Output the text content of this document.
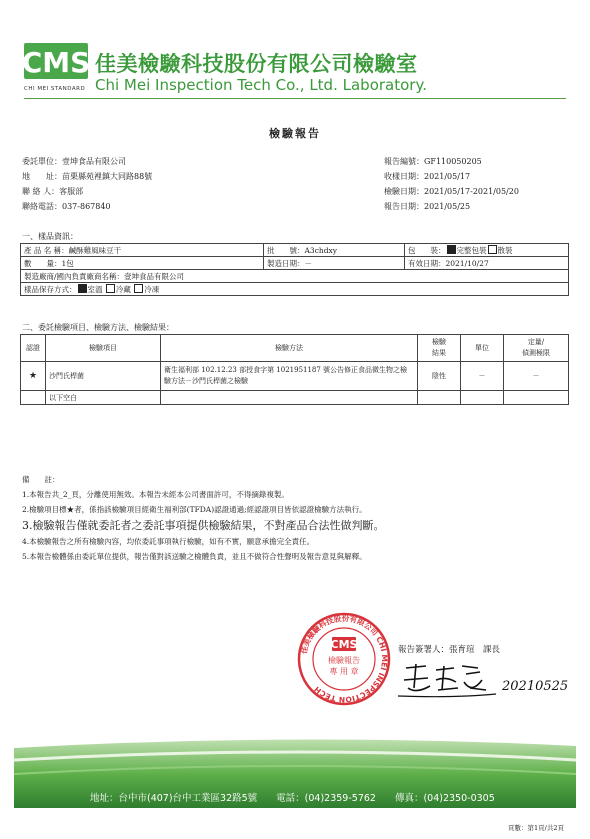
CMS
CHI MEI STANDARD
佳美檢驗科技股份有限公司檢驗室
Chi Mei Inspection Tech Co., Ltd. Laboratory.
檢驗報告
委託單位：壹坤食品有限公司
地　　址：苗栗縣苑裡鎮大同路88號
聯 絡 人：客服部
聯絡電話：037-867840
報告編號：GF110050205
收樣日期：2021/05/17
檢驗日期：2021/05/17-2021/05/20
報告日期：2021/05/25
一、樣品資訊：
產 品 名 稱：鹹酥雞風味豆干	批　　號：A3chdxy	包　　裝： 完整包裝 散裝
數　　量：1包	製造日期：－	有效日期：2021/10/27
製造廠商/國內負責廠商名稱：壹坤食品有限公司		
樣品保存方式： 室溫 冷藏 冷凍		
二、委託檢驗項目、檢驗方法、檢驗結果：
認證	檢驗項目	檢驗方法	檢驗
結果	單位	定量/
偵測極限
★	沙門氏桿菌	衛生福利部 102.12.23 部授食字第 1021951187 號公告修正食品微生物之檢驗方法－沙門氏桿菌之檢驗	陰性	－	－
	以下空白				
備　　註：
1.本報告共_2_頁，分離使用無效。本報告未經本公司書面許可，不得摘錄複製。
2.檢驗項目標★者，係指該檢驗項目經衛生福利部(TFDA)認證通過;經認證項目皆依認證檢驗方法執行。
3.檢驗報告僅就委託者之委託事項提供檢驗結果，不對產品合法性做判斷。
4.本檢驗報告之所有檢驗內容，均依委託事項執行檢驗，如有不實，願意承擔完全責任。
5.本報告檢體係由委託單位提供，報告僅對該送驗之檢體負責，並且不做符合性聲明及報告意見與解釋。
佳美檢驗科技股份有限公司 CHI MEI INSPECTION TECH
CMS
檢驗報告
專 用 章
報告簽署人：張育瑄　課長
20210525
地址：台中市(407)台中工業區32路5號　　電話：(04)2359-5762　　傳真：(04)2350-0305
頁數：第1頁/共2頁
